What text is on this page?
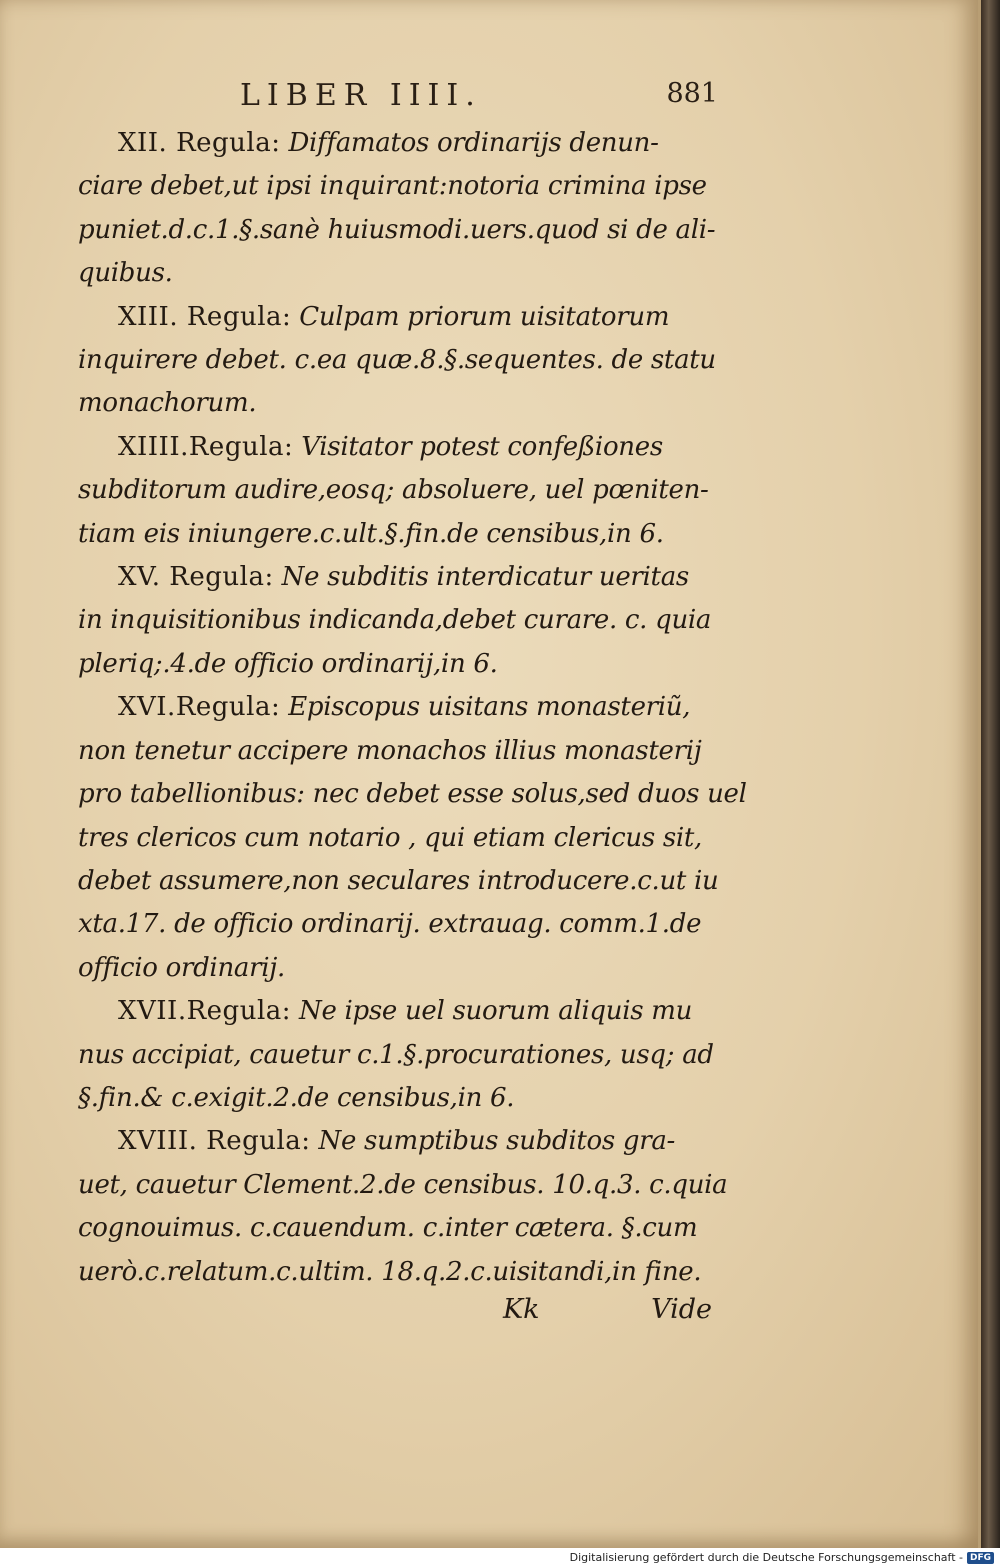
LIBER IIII.	881
XII. Regula: Diffamatos ordinarijs denun-
ciare debet,ut ipsi inquirant:notoria crimina ipse
puniet.d.c.1.§.sanè huiusmodi.uers.quod si de ali-
quibus.
XIII. Regula: Culpam priorum uisitatorum
inquirere debet. c.ea quæ.8.§.sequentes. de statu
monachorum.
XIIII.Regula: Visitator potest confeßiones
subditorum audire,eosq; absoluere, uel pœniten-
tiam eis iniungere.c.ult.§.fin.de censibus,in 6.
XV. Regula: Ne subditis interdicatur ueritas
in inquisitionibus indicanda,debet curare. c. quia
pleriq;.4.de officio ordinarij,in 6.
XVI.Regula: Episcopus uisitans monasteriũ,
non tenetur accipere monachos illius monasterij
pro tabellionibus: nec debet esse solus,sed duos uel
tres clericos cum notario , qui etiam clericus sit,
debet assumere,non seculares introducere.c.ut iu
xta.17. de officio ordinarij. extrauag. comm.1.de
officio ordinarij.
XVII.Regula: Ne ipse uel suorum aliquis mu
nus accipiat, cauetur c.1.§.procurationes, usq; ad
§.fin.& c.exigit.2.de censibus,in 6.
XVIII. Regula: Ne sumptibus subditos gra-
uet, cauetur Clement.2.de censibus. 10.q.3. c.quia
cognouimus. c.cauendum. c.inter cætera. §.cum
uerò.c.relatum.c.ultim. 18.q.2.c.uisitandi,in fine.
Kk	Vide
Digitalisierung gefördert durch die Deutsche Forschungsgemeinschaft - DFG
